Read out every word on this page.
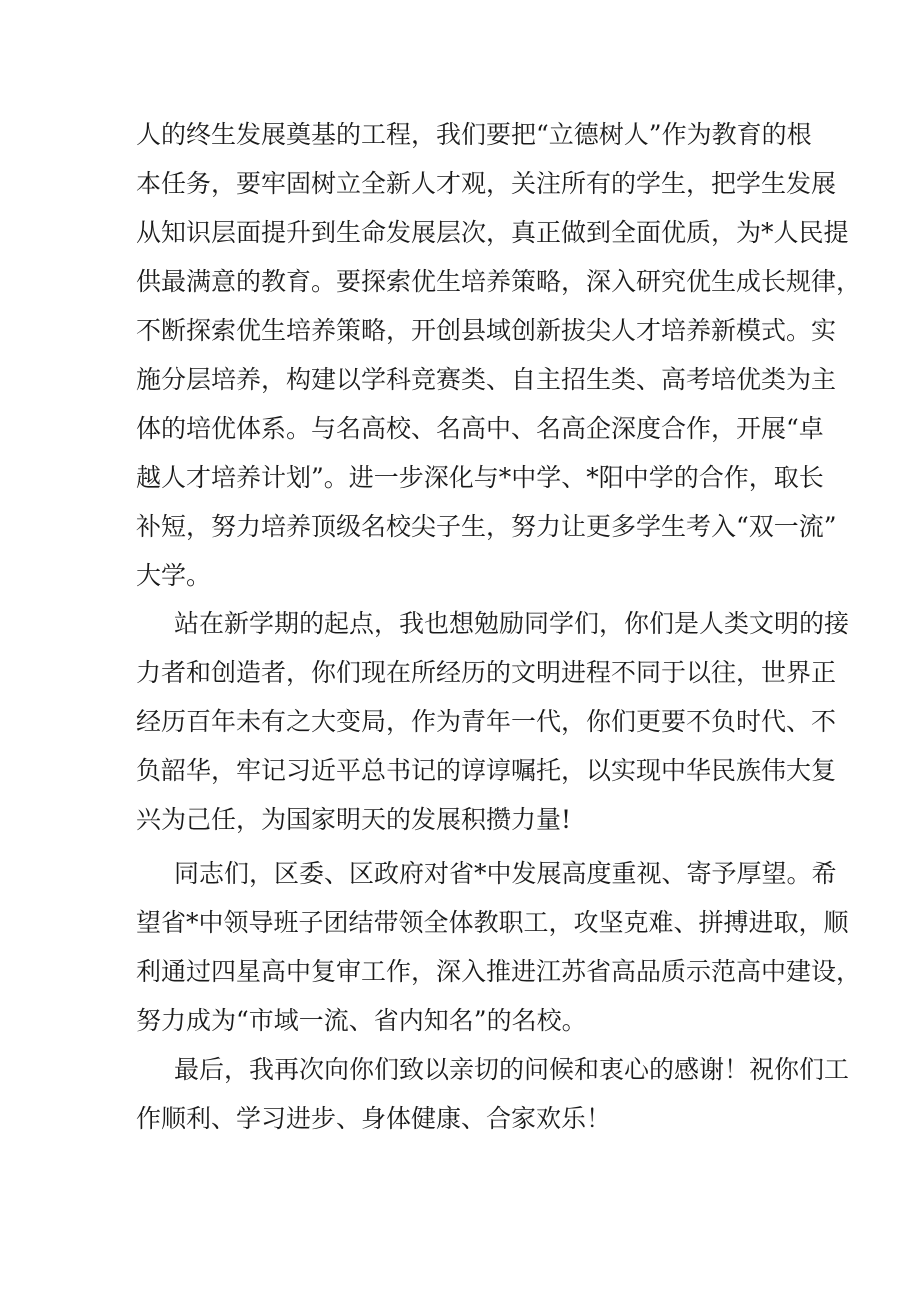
人的终生发展奠基的工程，我们要把“立德树人”作为教育的根
本任务，要牢固树立全新人才观，关注所有的学生，把学生发展
从知识层面提升到生命发展层次，真正做到全面优质，为*人民提
供最满意的教育。要探索优生培养策略，深入研究优生成长规律，
不断探索优生培养策略，开创县域创新拔尖人才培养新模式。实
施分层培养，构建以学科竞赛类、自主招生类、高考培优类为主
体的培优体系。与名高校、名高中、名高企深度合作，开展“卓
越人才培养计划”。进一步深化与*中学、*阳中学的合作，取长
补短，努力培养顶级名校尖子生，努力让更多学生考入“双一流”
大学。
站在新学期的起点，我也想勉励同学们，你们是人类文明的接
力者和创造者，你们现在所经历的文明进程不同于以往，世界正
经历百年未有之大变局，作为青年一代，你们更要不负时代、不
负韶华，牢记习近平总书记的谆谆嘱托，以实现中华民族伟大复
兴为己任，为国家明天的发展积攒力量!
同志们，区委、区政府对省*中发展高度重视、寄予厚望。希
望省*中领导班子团结带领全体教职工，攻坚克难、拼搏进取，顺
利通过四星高中复审工作，深入推进江苏省高品质示范高中建设，
努力成为“市域一流、省内知名”的名校。
最后，我再次向你们致以亲切的问候和衷心的感谢！祝你们工
作顺利、学习进步、身体健康、合家欢乐！
